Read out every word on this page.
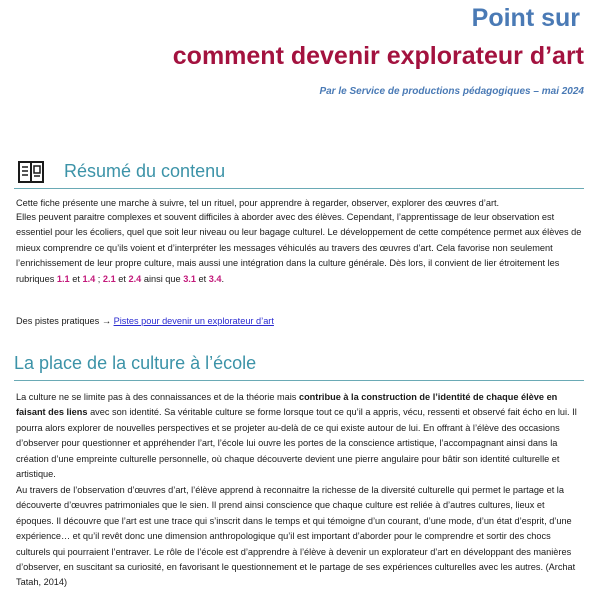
Point sur
comment devenir explorateur d’art
Par le Service de productions pédagogiques – mai 2024
Résumé du contenu

Cette fiche présente une marche à suivre, tel un rituel, pour apprendre à regarder, observer, explorer des œuvres d’art.

Elles peuvent paraitre complexes et souvent difficiles à aborder avec des élèves. Cependant, l’apprentissage de leur observation est essentiel pour les écoliers, quel que soit leur niveau ou leur bagage culturel. Le développement de cette compétence permet aux élèves de mieux comprendre ce qu’ils voient et d’interpréter les messages véhiculés au travers des œuvres d’art. Cela favorise non seulement l’enrichissement de leur propre culture, mais aussi une intégration dans la culture générale. Dès lors, il convient de lier étroitement les rubriques 1.1 et 1.4 ; 2.1 et 2.4 ainsi que 3.1 et 3.4.

Des pistes pratiques → Pistes pour devenir un explorateur d’art

La place de la culture à l’école

La culture ne se limite pas à des connaissances et de la théorie mais contribue à la construction de l’identité de chaque élève en faisant des liens avec son identité. Sa véritable culture se forme lorsque tout ce qu’il a appris, vécu, ressenti et observé fait écho en lui. Il pourra alors explorer de nouvelles perspectives et se projeter au-delà de ce qui existe autour de lui. En offrant à l’élève des occasions d’observer pour questionner et appréhender l’art, l’école lui ouvre les portes de la conscience artistique, l’accompagnant ainsi dans la création d’une empreinte culturelle personnelle, où chaque découverte devient une pierre angulaire pour bâtir son identité culturelle et artistique.

Au travers de l’observation d’œuvres d’art, l’élève apprend à reconnaitre la richesse de la diversité culturelle qui permet le partage et la découverte d’œuvres patrimoniales que le sien. Il prend ainsi conscience que chaque culture est reliée à d’autres cultures, lieux et époques. Il découvre que l’art est une trace qui s’inscrit dans le temps et qui témoigne d’un courant, d’une mode, d’un état d’esprit, d’une expérience… et qu’il revêt donc une dimension anthropologique qu’il est important d’aborder pour le comprendre et sortir des chocs culturels qui pourraient l’entraver. Le rôle de l’école est d’apprendre à l’élève à devenir un explorateur d’art en développant des manières d’observer, en suscitant sa curiosité, en favorisant le questionnement et le partage de ses expériences culturelles avec les autres. (Archat Tatah, 2014)
